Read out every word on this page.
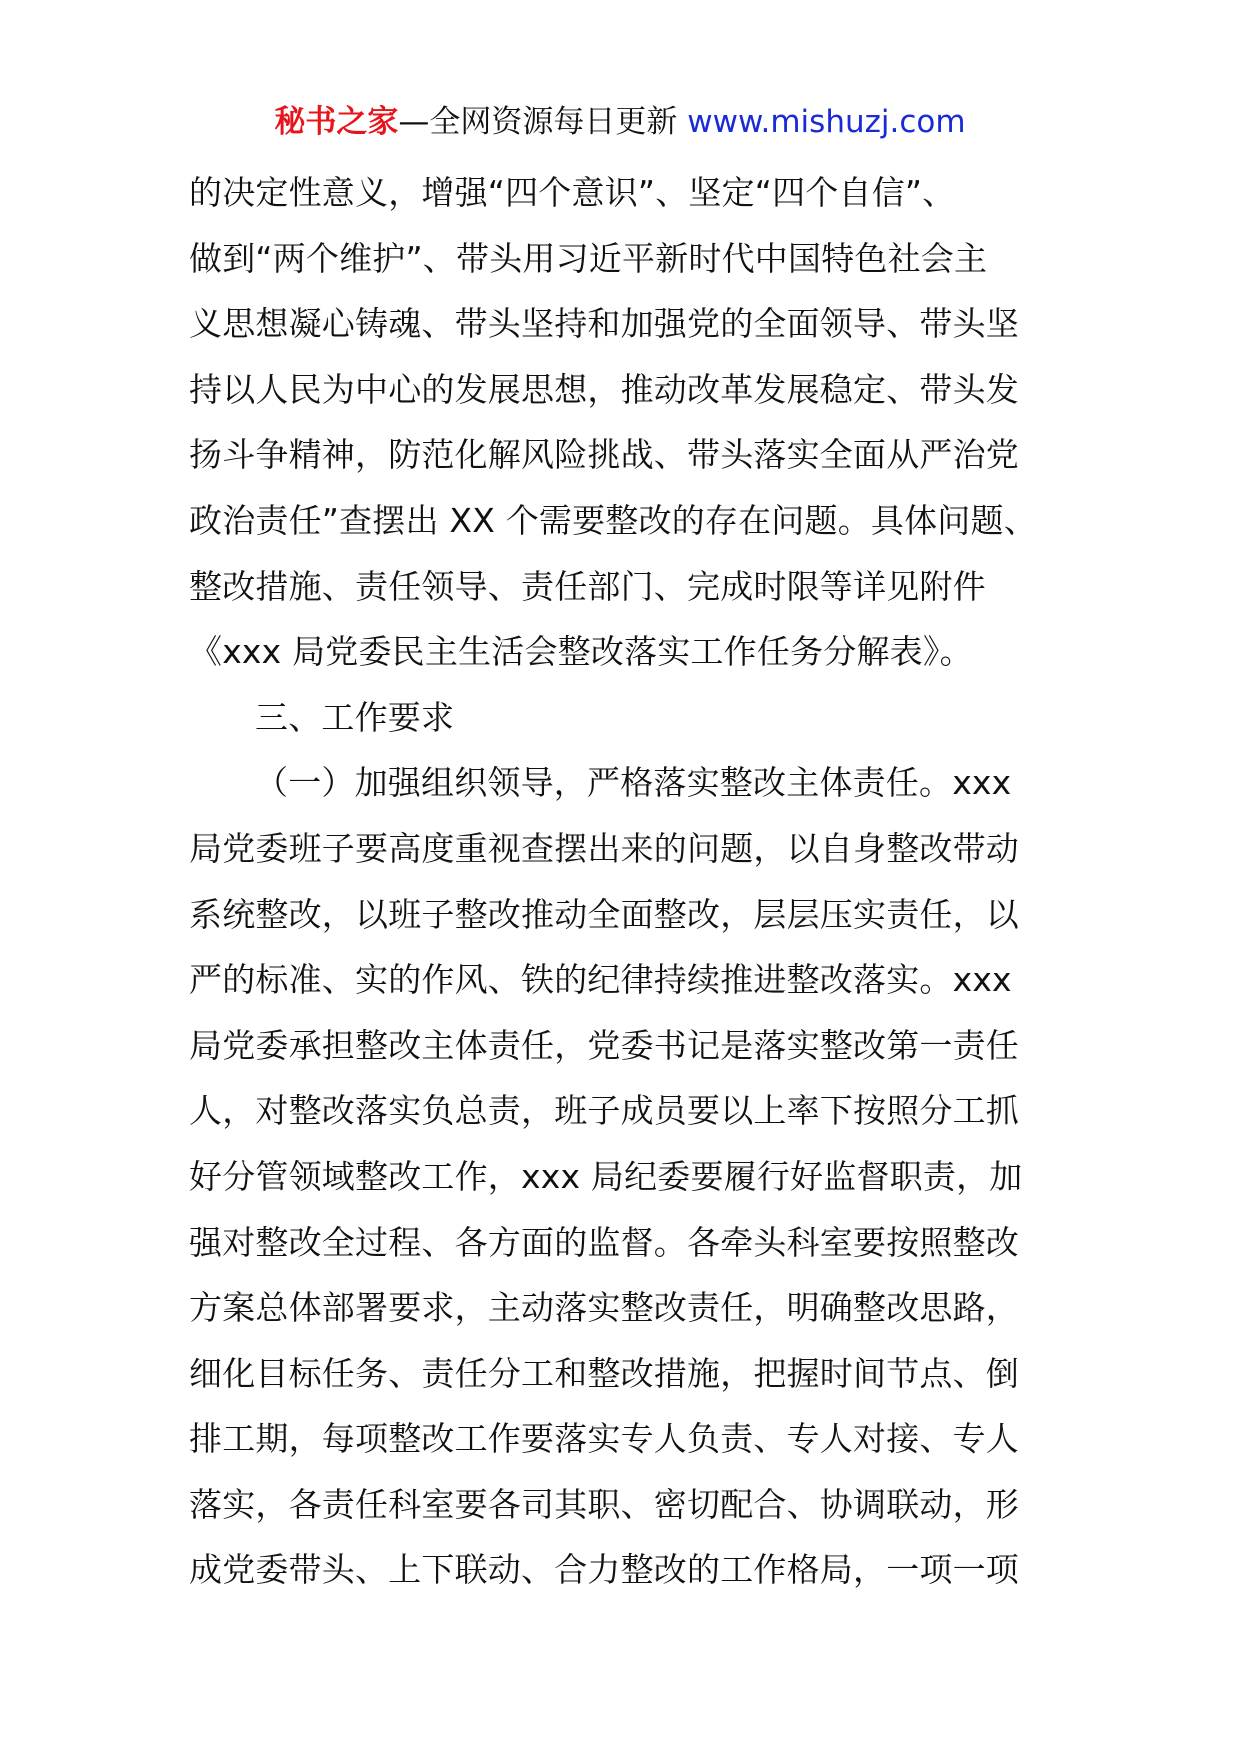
秘书之家—全网资源每日更新 www.mishuzj.com
的决定性意义，增强“四个意识”、坚定“四个自信”、
做到“两个维护”、带头用习近平新时代中国特色社会主
义思想凝心铸魂、带头坚持和加强党的全面领导、带头坚
持以人民为中心的发展思想，推动改革发展稳定、带头发
扬斗争精神，防范化解风险挑战、带头落实全面从严治党
政治责任”查摆出 XX 个需要整改的存在问题。具体问题、
整改措施、责任领导、责任部门、完成时限等详见附件
《xxx 局党委民主生活会整改落实工作任务分解表》。
三、工作要求
（一）加强组织领导，严格落实整改主体责任。xxx
局党委班子要高度重视查摆出来的问题，以自身整改带动
系统整改，以班子整改推动全面整改，层层压实责任，以
严的标准、实的作风、铁的纪律持续推进整改落实。xxx
局党委承担整改主体责任，党委书记是落实整改第一责任
人，对整改落实负总责，班子成员要以上率下按照分工抓
好分管领域整改工作，xxx 局纪委要履行好监督职责，加
强对整改全过程、各方面的监督。各牵头科室要按照整改
方案总体部署要求，主动落实整改责任，明确整改思路，
细化目标任务、责任分工和整改措施，把握时间节点、倒
排工期，每项整改工作要落实专人负责、专人对接、专人
落实，各责任科室要各司其职、密切配合、协调联动，形
成党委带头、上下联动、合力整改的工作格局，一项一项
